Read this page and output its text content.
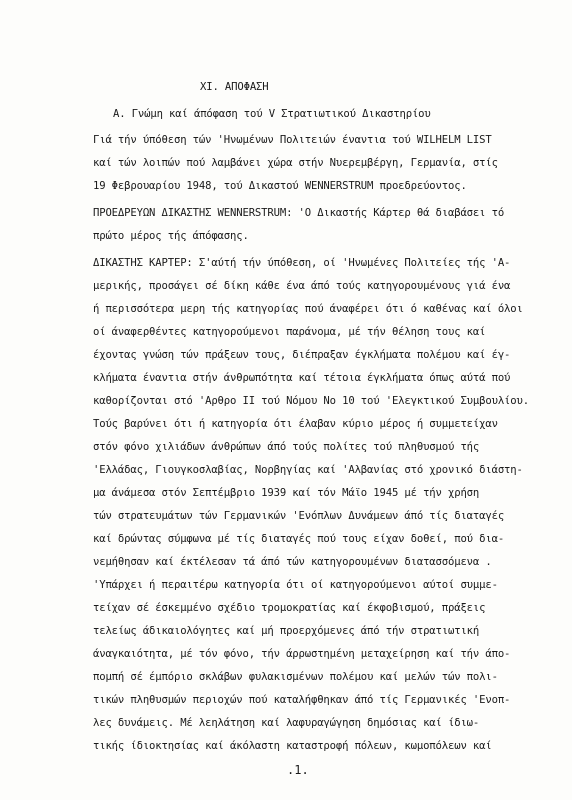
XI. ΑΠΟΦΑΣΗ
Α. Γνώμη καί άπόφαση τού V Στρατιωτικού Δικαστηρίου
Γιά τήν ύπόθεση τών 'Ηνωμένων Πολιτειών έναντια τού WILHELM LIST
καί τών λοιπών πού λαμβάνει χώρα στήν Νυερεμβέργη, Γερμανία, στίς
19 Φεβρουαρίου 1948, τού Δικαστού WENNERSTRUM προεδρεύοντος.
ΠΡΟΕΔΡΕΥΩΝ ΔΙΚΑΣΤΗΣ WENNERSTRUM: 'Ο Δικαστής Κάρτερ θά διαβάσει τό
πρώτο μέρος τής άπόφασης.
ΔΙΚΑΣΤΗΣ ΚΑΡΤΕΡ: Σ'αύτή τήν ύπόθεση, οί 'Ηνωμένες Πολιτείες τής 'Α-
μερικής, προσάγει σέ δίκη κάθε ένα άπό τούς κατηγορουμένους γιά ένα
ή περισσότερα μερη τής κατηγορίας πού άναφέρει ότι ό καθένας καί όλοι
οί άναφερθέντες κατηγορούμενοι παράνομα, μέ τήν θέληση τους καί
έχοντας γνώση τών πράξεων τους, διέπραξαν έγκλήματα πολέμου καί έγ-
κλήματα έναντια στήν άνθρωπότητα καί τέτοια έγκλήματα όπως αύτά πού
καθορίζονται στό 'Αρθρο ΙΙ τού Νόμου Νο 10 τού 'Ελεγκτικού Συμβουλίου.
Τούς βαρύνει ότι ή κατηγορία ότι έλαβαν κύριο μέρος ή συμμετείχαν
στόν φόνο χιλιάδων άνθρώπων άπό τούς πολίτες τού πληθυσμού τής
'Ελλάδας, Γιουγκοσλαβίας, Νορβηγίας καί 'Αλβανίας στό χρονικό διάστη-
μα άνάμεσα στόν Σεπτέμβριο 1939 καί τόν Μάϊο 1945 μέ τήν χρήση
τών στρατευμάτων τών Γερμανικών 'Ενόπλων Δυνάμεων άπό τίς διαταγές
καί δρώντας σύμφωνα μέ τίς διαταγές πού τους είχαν δοθεί, πού δια-
νεμήθησαν καί έκτέλεσαν τά άπό τών κατηγορουμένων διατασσόμενα .
'Υπάρχει ή περαιτέρω κατηγορία ότι οί κατηγορούμενοι αύτοί συμμε-
τείχαν σέ έσκεμμένο σχέδιο τρομοκρατίας καί έκφοβισμού, πράξεις
τελείως άδικαιολόγητες καί μή προερχόμενες άπό τήν στρατιωτική
άναγκαιότητα, μέ τόν φόνο, τήν άρρωστημένη μεταχείρηση καί τήν άπο-
πομπή σέ έμπόριο σκλάβων φυλακισμένων πολέμου καί μελών τών πολι-
τικών πληθυσμών περιοχών πού καταλήφθηκαν άπό τίς Γερμανικές 'Ενοπ-
λες δυνάμεις. Μέ λεηλάτηση καί λαφυραγώγηση δημόσιας καί ίδιω-
τικής ίδιοκτησίας καί άκόλαστη καταστροφή πόλεων, κωμοπόλεων καί
.1.
